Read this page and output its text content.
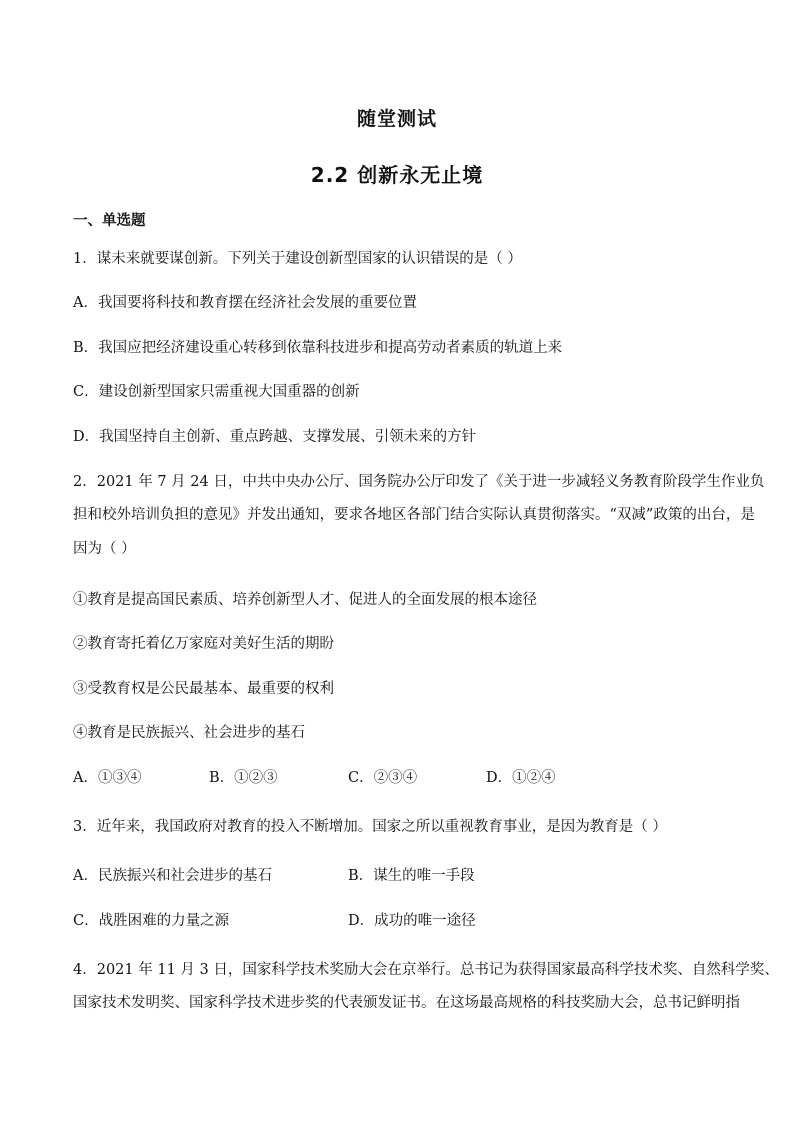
随堂测试
2.2 创新永无止境
一、单选题
1．谋未来就要谋创新。下列关于建设创新型国家的认识错误的是（ ）
A．我国要将科技和教育摆在经济社会发展的重要位置
B．我国应把经济建设重心转移到依靠科技进步和提高劳动者素质的轨道上来
C．建设创新型国家只需重视大国重器的创新
D．我国坚持自主创新、重点跨越、支撑发展、引领未来的方针
2．2021 年 7 月 24 日，中共中央办公厅、国务院办公厅印发了《关于进一步减轻义务教育阶段学生作业负
担和校外培训负担的意见》并发出通知，要求各地区各部门结合实际认真贯彻落实。“双减”政策的出台，是
因为（ ）
①教育是提高国民素质、培养创新型人才、促进人的全面发展的根本途径
②教育寄托着亿万家庭对美好生活的期盼
③受教育权是公民最基本、最重要的权利
④教育是民族振兴、社会进步的基石
A．①③④	B．①②③	C．②③④	D．①②④
3．近年来，我国政府对教育的投入不断增加。国家之所以重视教育事业，是因为教育是（ ）
A．民族振兴和社会进步的基石	B．谋生的唯一手段
C．战胜困难的力量之源	D．成功的唯一途径
4．2021 年 11 月 3 日，国家科学技术奖励大会在京举行。总书记为获得国家最高科学技术奖、自然科学奖、
国家技术发明奖、国家科学技术进步奖的代表颁发证书。在这场最高规格的科技奖励大会，总书记鲜明指
